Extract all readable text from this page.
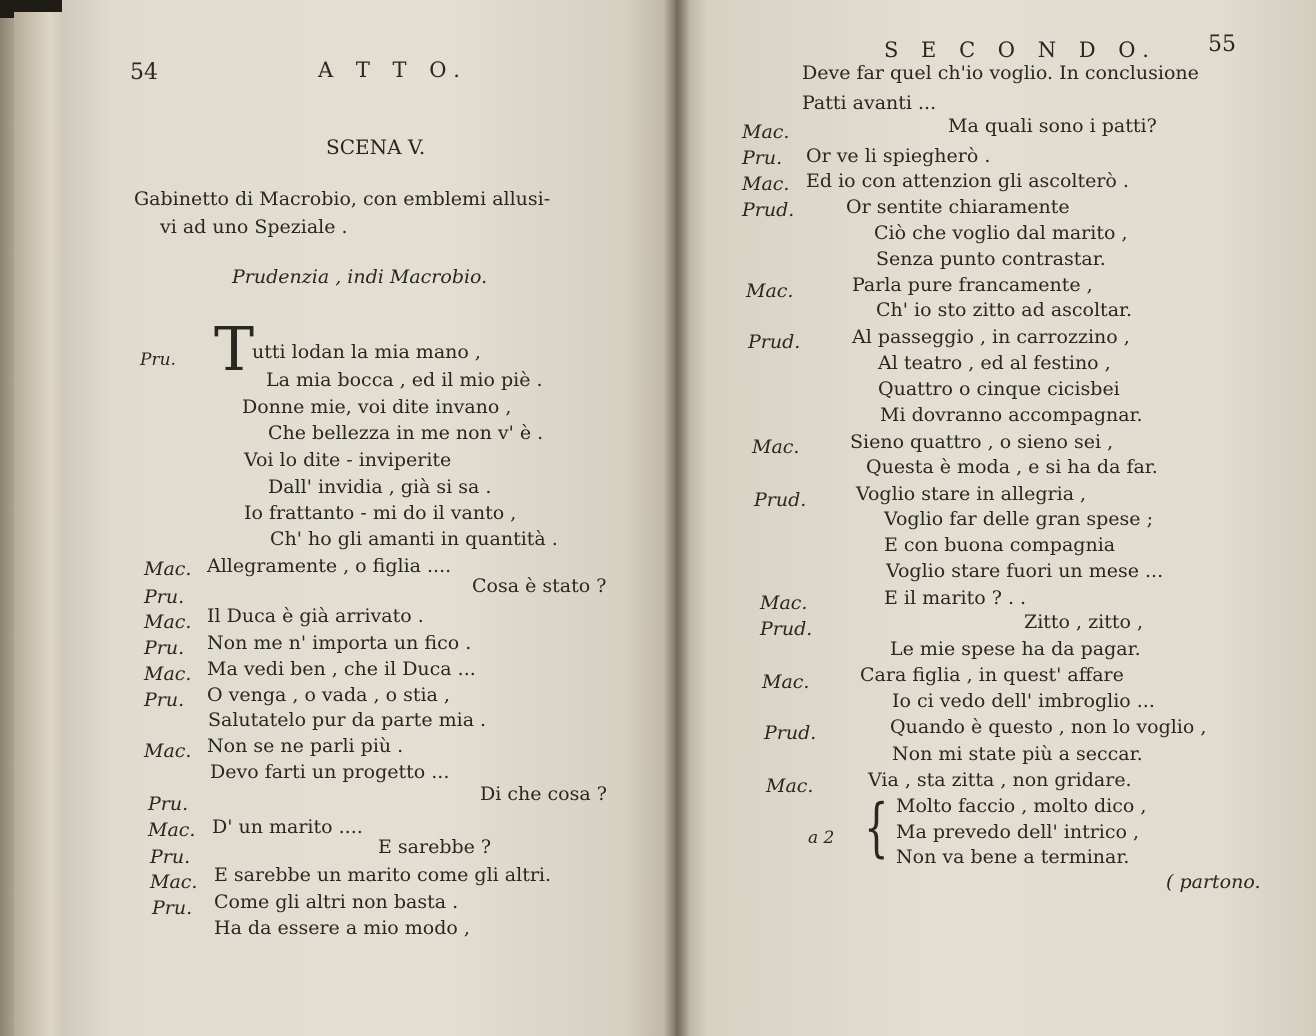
54	A T T O.
SCENA V.
Gabinetto di Macrobio, con emblemi allusi-
vi ad uno Speziale .
Prudenzia , indi Macrobio.
T
Pru.	utti lodan la mia mano ,
La mia bocca , ed il mio piè .
Donne mie, voi dite invano ,
Che bellezza in me non v' è .
Voi lo dite - inviperite
Dall' invidia , già si sa .
Io frattanto - mi do il vanto ,
Ch' ho gli amanti in quantità .
Mac. Allegramente , o figlia ....
Pru.	Cosa è stato ?
Mac. Il Duca è già arrivato .
Pru. Non me n' importa un fico .
Mac. Ma vedi ben , che il Duca ...
Pru. O venga , o vada , o stia ,
Salutatelo pur da parte mia .
Mac. Non se ne parli più .
Devo farti un progetto ...
Pru.	Di che cosa ?
Mac. D' un marito ....
Pru.	E sarebbe ?
Mac. E sarebbe un marito come gli altri.
Pru. Come gli altri non basta .
Ha da essere a mio modo ,
S E C O N D O. 55
Deve far quel ch'io voglio. In conclusione
Patti avanti ...
Mac.	Ma quali sono i patti?
Pru. Or ve li spiegherò .
Mac. Ed io con attenzion gli ascolterò .
Prud.	Or sentite chiaramente
Ciò che voglio dal marito ,
Senza punto contrastar.
Mac.	Parla pure francamente ,
Ch' io sto zitto ad ascoltar.
Prud.	Al passeggio , in carrozzino ,
Al teatro , ed al festino ,
Quattro o cinque cicisbei
Mi dovranno accompagnar.
Mac.	Sieno quattro , o sieno sei ,
Questa è moda , e si ha da far.
Prud.	Voglio stare in allegria ,
Voglio far delle gran spese ;
E con buona compagnia
Voglio stare fuori un mese ...
Mac.	E il marito ? . .
Prud.	Zitto , zitto ,
Le mie spese ha da pagar.
Mac.	Cara figlia , in quest' affare
Io ci vedo dell' imbroglio ...
Prud.	Quando è questo , non lo voglio ,
Non mi state più a seccar.
Mac.	Via , sta zitta , non gridare.
Molto faccio , molto dico ,
a 2 { Ma prevedo dell' intrico ,
Non va bene a terminar.
( partono.
